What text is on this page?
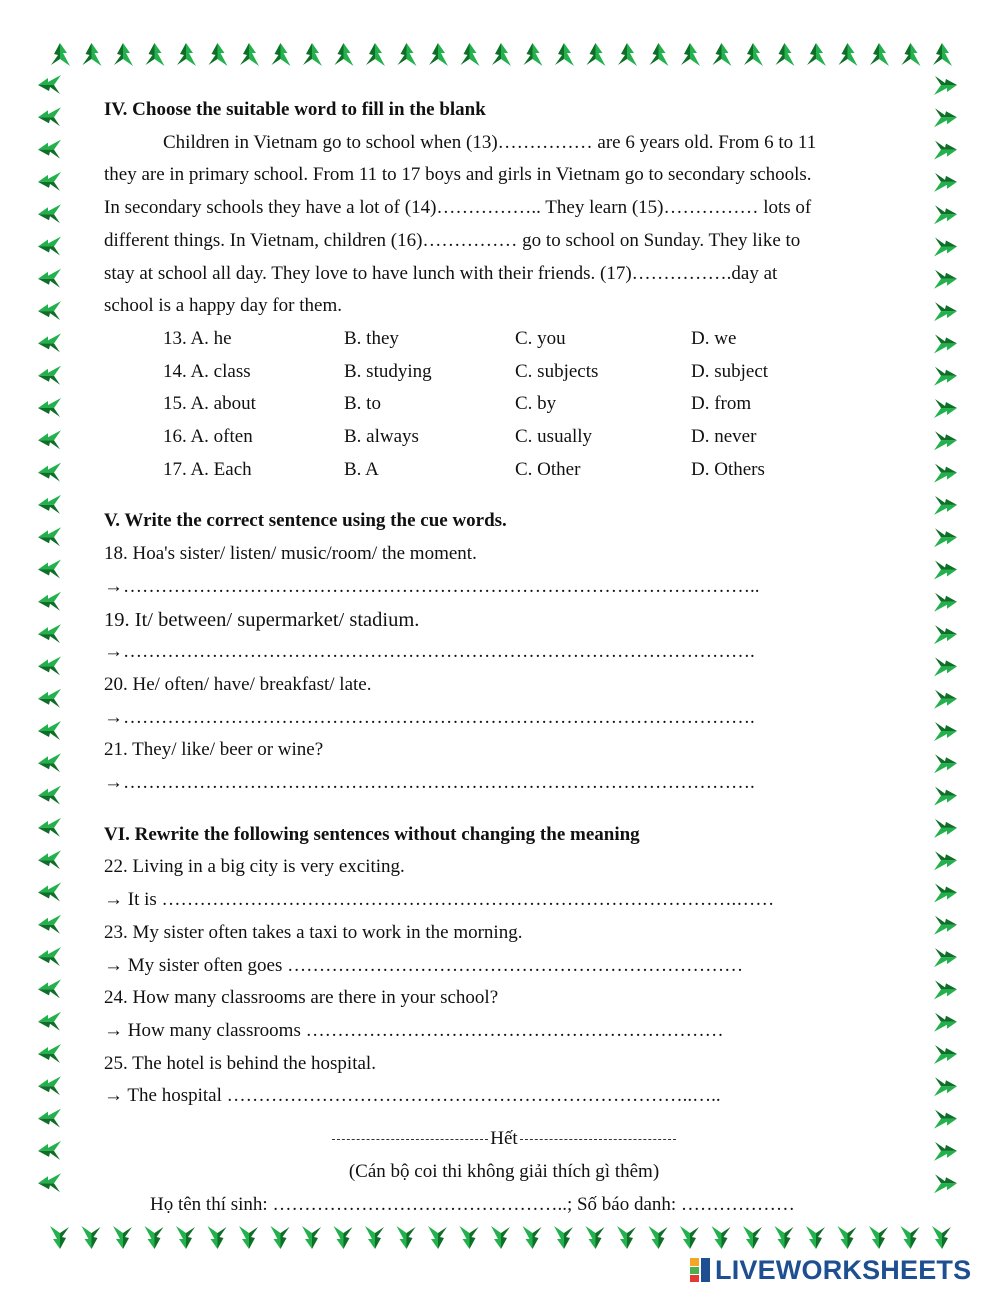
IV. Choose the suitable word to fill in the blank
Children in Vietnam go to school when (13)…………… are 6 years old. From 6 to 11
they are in primary school. From 11 to 17 boys and girls in Vietnam go to secondary schools.
In secondary schools they have a lot of (14)…………….. They learn (15)…………… lots of
different things. In Vietnam, children (16)…………… go to school on Sunday. They like to
stay at school all day. They love to have lunch with their friends. (17)…………….day at
school is a happy day for them.
13. A. he	B. they	C. you	D. we
14. A. class	B. studying	C. subjects	D. subject
15. A. about	B. to	C. by	D. from
16. A. often	B. always	C. usually	D. never
17. A. Each	B. A	C. Other	D. Others
V. Write the correct sentence using the cue words.
18. Hoa's sister/ listen/ music/room/ the moment.
→………………………………………………………………………………………..
19. It/ between/ supermarket/ stadium.
→……………………………………………………………………………………….
20. He/ often/ have/ breakfast/ late.
→……………………………………………………………………………………….
21. They/ like/ beer or wine?
→……………………………………………………………………………………….
VI. Rewrite the following sentences without changing the meaning
22. Living in a big city is very exciting.
→ It is ……………………………………………………………………………….……
23. My sister often takes a taxi to work in the morning.
→ My sister often goes ………………………………………………………………
24. How many classrooms are there in your school?
→ How many classrooms …………………………………………………………
25. The hotel is behind the hospital.
→ The hospital ………………………………………………………………..…..
Hết
(Cán bộ coi thi không giải thích gì thêm)
Họ tên thí sinh: ………………………………………..; Số báo danh: ………………
LIVEWORKSHEETS
